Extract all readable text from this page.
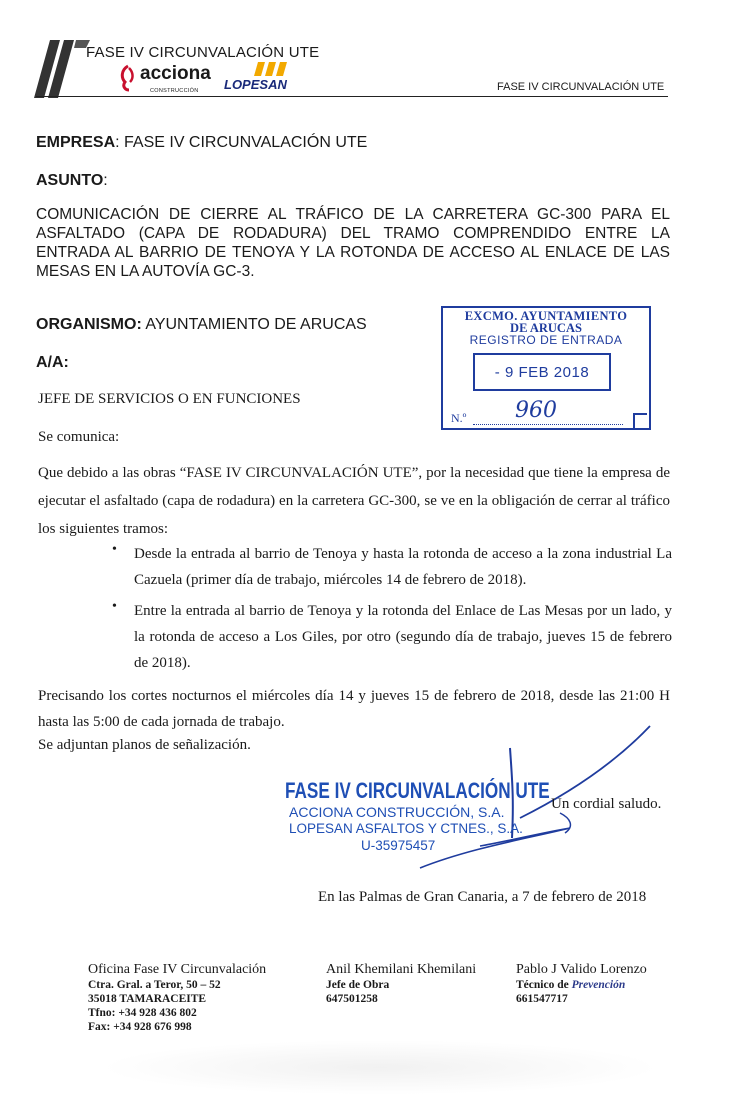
FASE IV CIRCUNVALACIÓN UTE
acciona
CONSTRUCCIÓN LOPESAN	FASE IV CIRCUNVALACIÓN UTE
EMPRESA: FASE IV CIRCUNVALACIÓN UTE
ASUNTO:
COMUNICACIÓN DE CIERRE AL TRÁFICO DE LA CARRETERA GC-300 PARA EL ASFALTADO (CAPA DE RODADURA) DEL TRAMO COMPRENDIDO ENTRE LA ENTRADA AL BARRIO DE TENOYA Y LA ROTONDA DE ACCESO AL ENLACE DE LAS MESAS EN LA AUTOVÍA GC-3.
ORGANISMO: AYUNTAMIENTO DE ARUCAS
A/A:
JEFE DE SERVICIOS O EN FUNCIONES
Se comunica:
Que debido a las obras “FASE IV CIRCUNVALACIÓN UTE”, por la necesidad que tiene la empresa de ejecutar el asfaltado (capa de rodadura) en la carretera GC-300, se ve en la obligación de cerrar al tráfico los siguientes tramos:
• Desde la entrada al barrio de Tenoya y hasta la rotonda de acceso a la zona industrial La Cazuela (primer día de trabajo, miércoles 14 de febrero de 2018).
• Entre la entrada al barrio de Tenoya y la rotonda del Enlace de Las Mesas por un lado, y la rotonda de acceso a Los Giles, por otro (segundo día de trabajo, jueves 15 de febrero de 2018).
Precisando los cortes nocturnos el miércoles día 14 y jueves 15 de febrero de 2018, desde las 21:00 H hasta las 5:00 de cada jornada de trabajo.
Se adjuntan planos de señalización.
EXCMO. AYUNTAMIENTO
DE ARUCAS
REGISTRO DE ENTRADA
- 9 FEB 2018
N.º 960
FASE IV CIRCUNVALACIÓN UTE
ACCIONA CONSTRUCCIÓN, S.A.
LOPESAN ASFALTOS Y CTNES., S.A.
U-35975457
Un cordial saludo.
En las Palmas de Gran Canaria, a 7 de febrero de 2018
Oficina Fase IV Circunvalación
Ctra. Gral. a Teror, 50 – 52
35018 TAMARACEITE
Tfno: +34 928 436 802
Fax: +34 928 676 998
Anil Khemilani Khemilani
Jefe de Obra
647501258
Pablo J Valido Lorenzo
Técnico de Prevención
661547717
